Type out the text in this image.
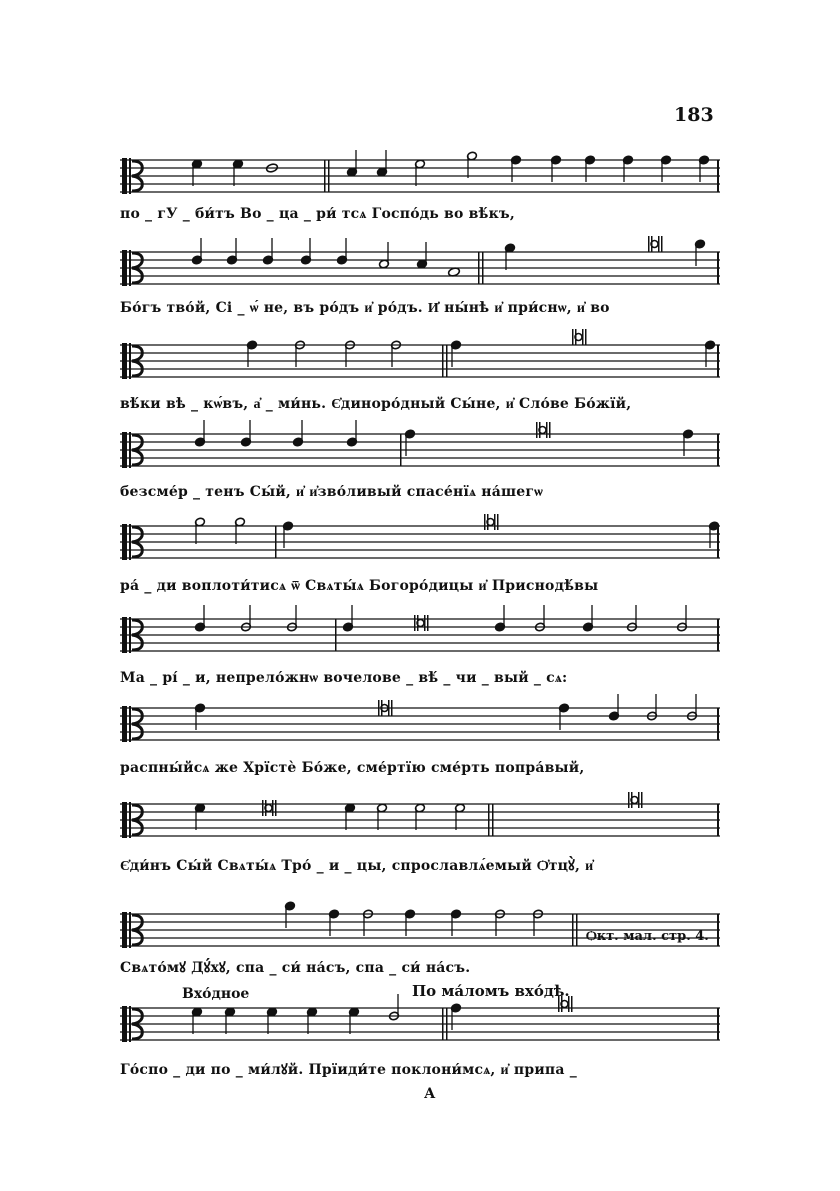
183
по _ гУ _ би́тъ Во _ ца _ ри́ тсѧ Госпо́дь во вѣ́къ,
Бо́гъ тво́й, Сі _ ѡ́ не, въ ро́дъ и҆ ро́дъ. И҆ ны́нѣ и҆ при́снѡ, и҆ во
вѣ́ки вѣ _ кѡ́въ, а҆ _ ми́нь. Є҆диноро́дный Сы́не, и҆ Сло́ве Бо́жїй,
безсме́р _ тенъ Сы́й, и҆ и҆зво́ливый спасе́нїѧ на́шегѡ
ра́ _ ди воплоти́тисѧ ѿ Свѧты́ѧ Богоро́дицы и҆ Приснодѣ́вы
Ма _ рі́ _ и, непрело́жнѡ вочелове _ вѣ́ _ чи _ вый _ сѧ:
распны́йсѧ же Хрїстѐ Бо́же, сме́ртїю сме́рть попра́вый,
Є҆ди́нъ Сы́й Свѧты́ѧ Тро́ _ и _ цы, спрославлѧ́емый Ѻ҆тцꙋ̀, и҆
Свѧто́мꙋ Дꙋ́хꙋ, спа _ си́ на́съ, спа _ си́ на́съ.
Го́спо _ ди по _ ми́лꙋй. Прїиди́те поклони́мсѧ, и҆ припа _
Ѻкт. мал. стр. 4.
Вхо́дное	По ма́ломъ вхо́дѣ.
А
